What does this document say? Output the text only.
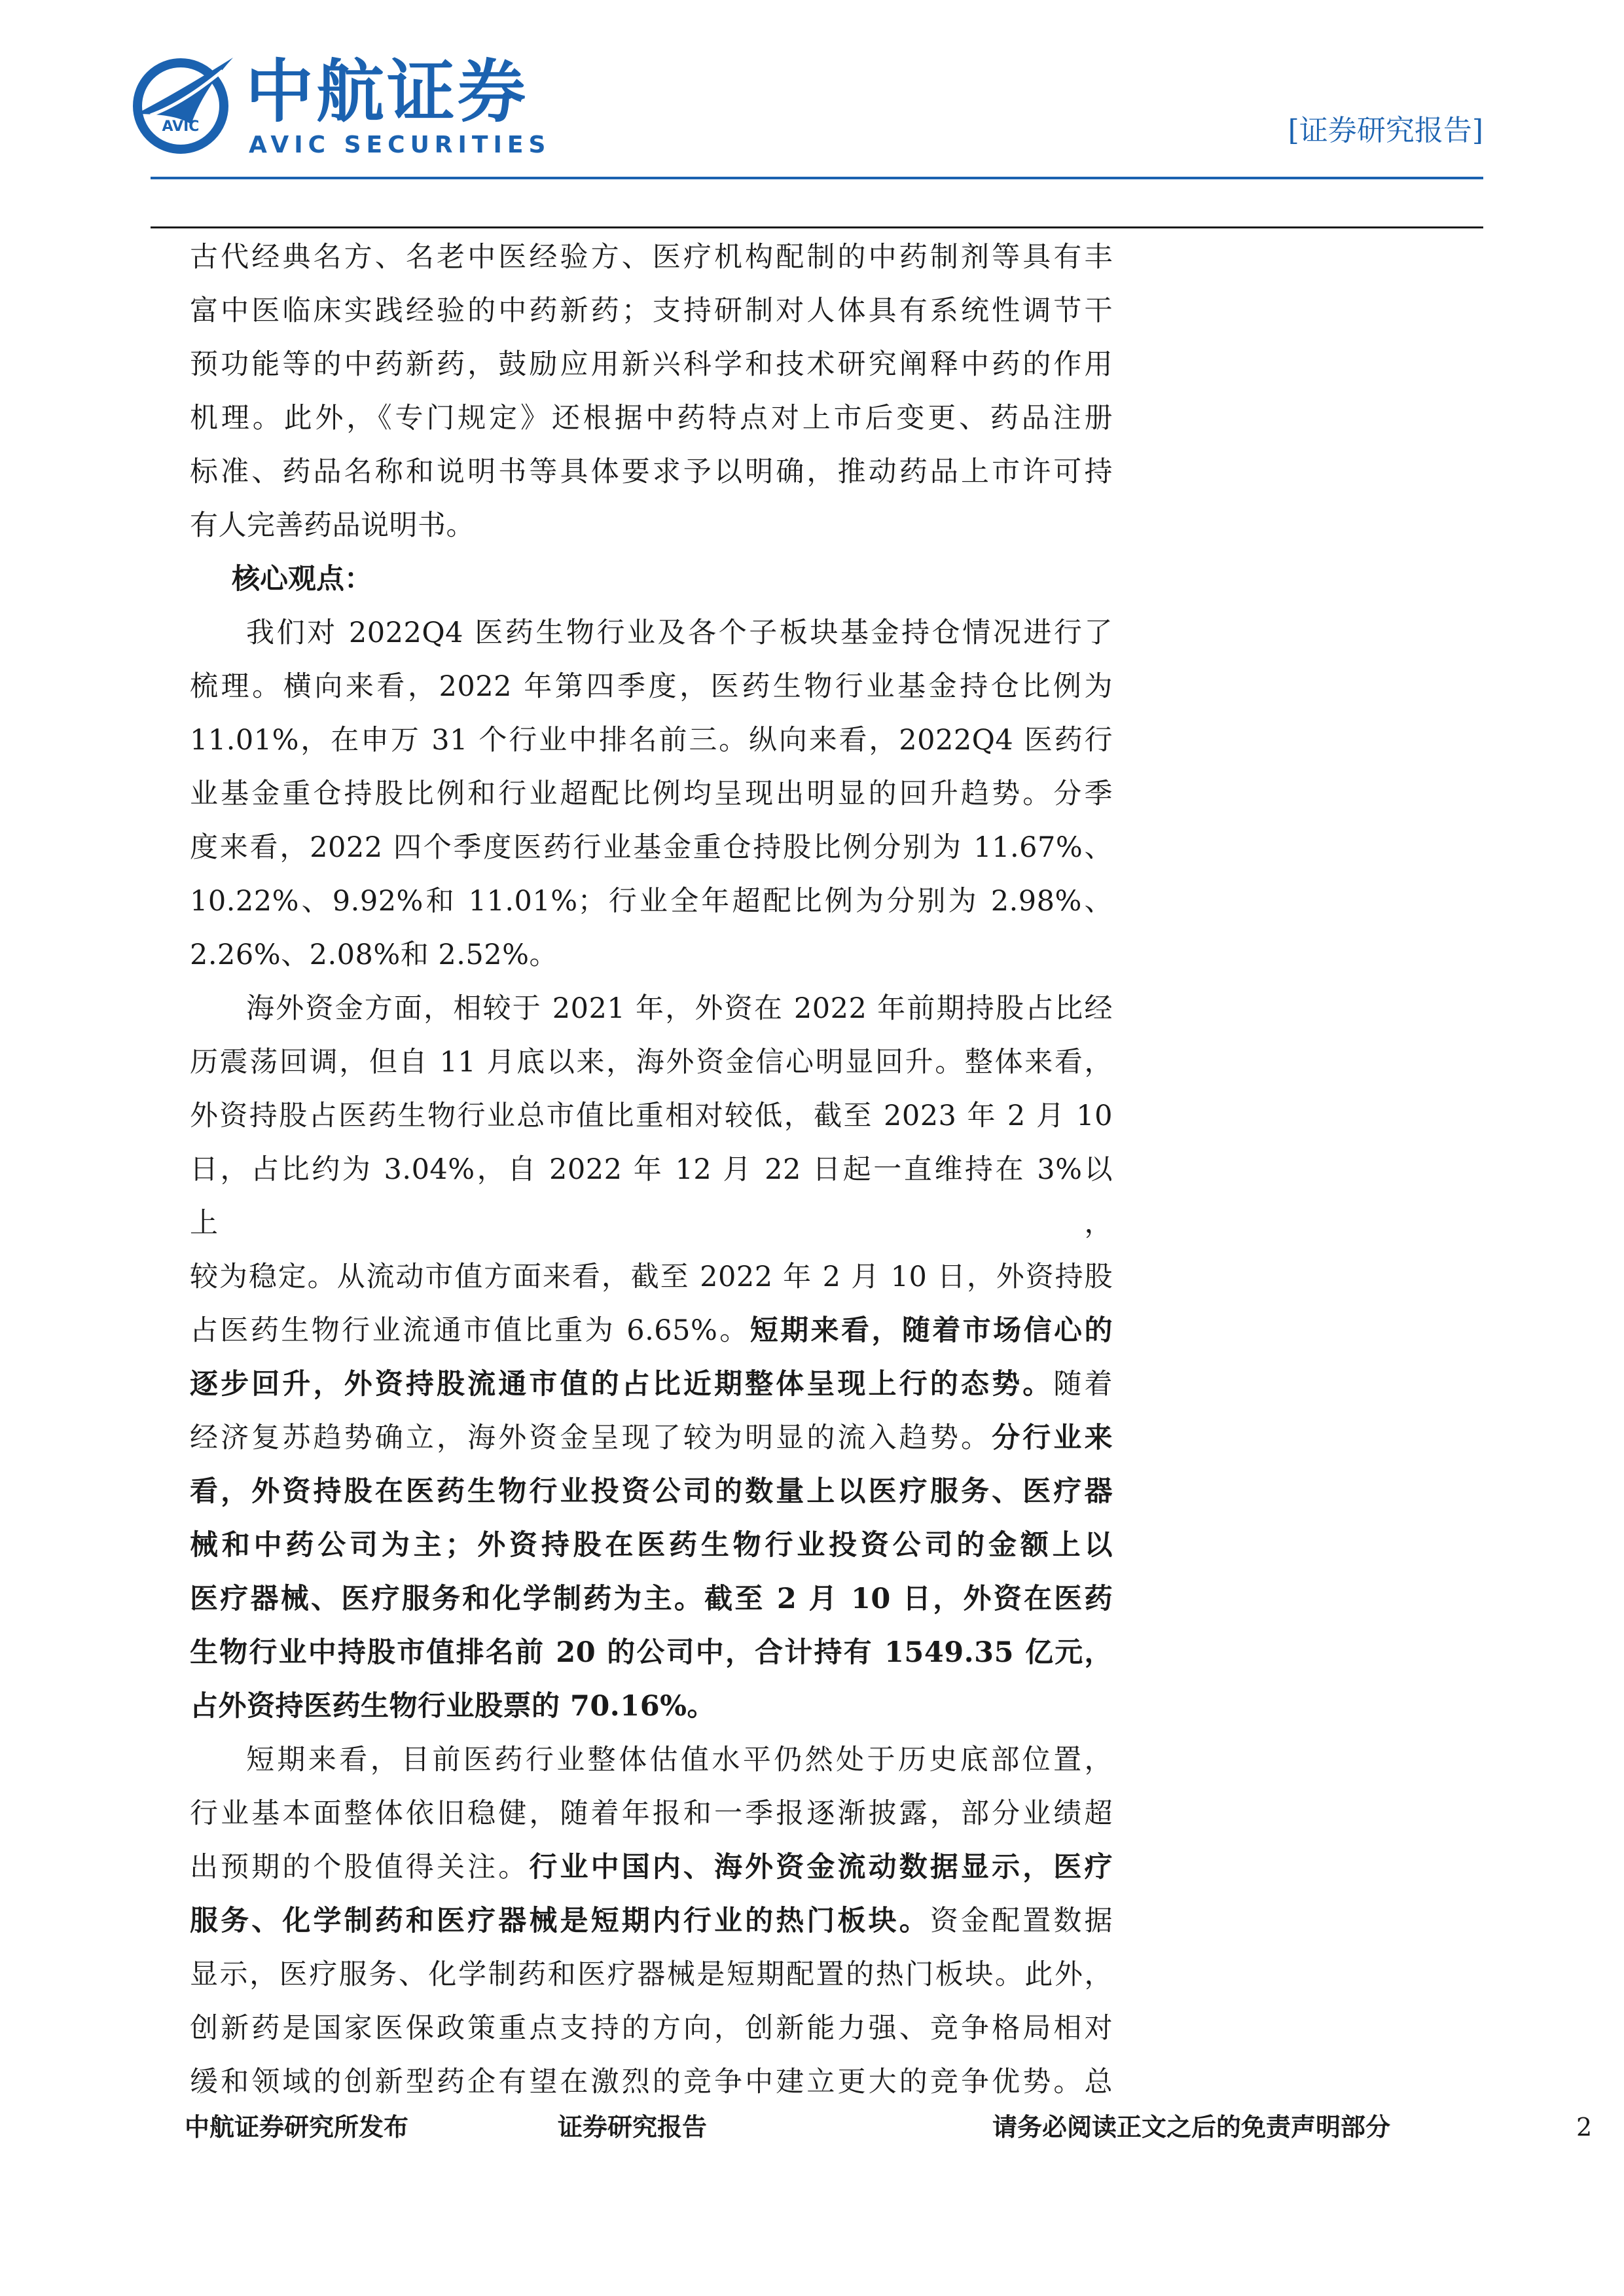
AVIC 中航证券
AVIC SECURITIES	[证券研究报告]

古代经典名方、名老中医经验方、医疗机构配制的中药制剂等具有丰

富中医临床实践经验的中药新药；支持研制对人体具有系统性调节干

预功能等的中药新药，鼓励应用新兴科学和技术研究阐释中药的作用

机理。此外，《专门规定》还根据中药特点对上市后变更、药品注册

标准、药品名称和说明书等具体要求予以明确，推动药品上市许可持

有人完善药品说明书。

核心观点：

我们对 2022Q4 医药生物行业及各个子板块基金持仓情况进行了

梳理。横向来看，2022 年第四季度，医药生物行业基金持仓比例为

11.01%，在申万 31 个行业中排名前三。纵向来看，2022Q4 医药行

业基金重仓持股比例和行业超配比例均呈现出明显的回升趋势。分季

度来看，2022 四个季度医药行业基金重仓持股比例分别为 11.67%、

10.22%、9.92%和 11.01%；行业全年超配比例为分别为 2.98%、

2.26%、2.08%和 2.52%。

海外资金方面，相较于 2021 年，外资在 2022 年前期持股占比经

历震荡回调，但自 11 月底以来，海外资金信心明显回升。整体来看，

外资持股占医药生物行业总市值比重相对较低，截至 2023 年 2 月 10

日，占比约为 3.04%，自 2022 年 12 月 22 日起一直维持在 3%以上，

较为稳定。从流动市值方面来看，截至 2022 年 2 月 10 日，外资持股

占医药生物行业流通市值比重为 6.65%。短期来看，随着市场信心的

逐步回升，外资持股流通市值的占比近期整体呈现上行的态势。随着

经济复苏趋势确立，海外资金呈现了较为明显的流入趋势。分行业来

看，外资持股在医药生物行业投资公司的数量上以医疗服务、医疗器

械和中药公司为主；外资持股在医药生物行业投资公司的金额上以

医疗器械、医疗服务和化学制药为主。截至 2 月 10 日，外资在医药

生物行业中持股市值排名前 20 的公司中，合计持有 1549.35 亿元，

占外资持医药生物行业股票的 70.16%。

短期来看，目前医药行业整体估值水平仍然处于历史底部位置，

行业基本面整体依旧稳健，随着年报和一季报逐渐披露，部分业绩超

出预期的个股值得关注。行业中国内、海外资金流动数据显示，医疗

服务、化学制药和医疗器械是短期内行业的热门板块。资金配置数据

显示，医疗服务、化学制药和医疗器械是短期配置的热门板块。此外，

创新药是国家医保政策重点支持的方向，创新能力强、竞争格局相对

缓和领域的创新型药企有望在激烈的竞争中建立更大的竞争优势。总

中航证券研究所发布	证券研究报告	请务必阅读正文之后的免责声明部分	2
